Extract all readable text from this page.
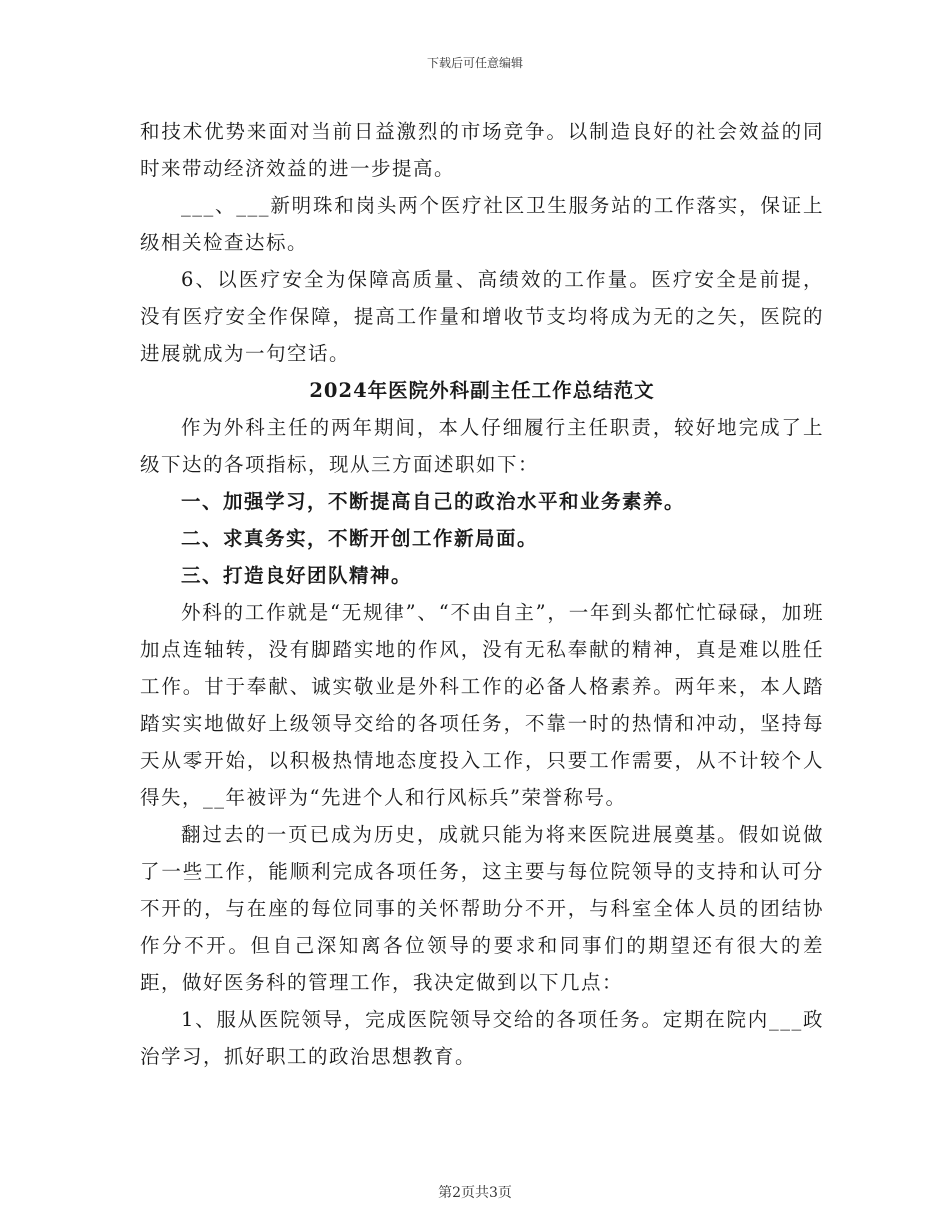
下载后可任意编辑

和技术优势来面对当前日益激烈的市场竞争。以制造良好的社会效益的同时来带动经济效益的进一步提高。

___、___新明珠和岗头两个医疗社区卫生服务站的工作落实，保证上级相关检查达标。

6、以医疗安全为保障高质量、高绩效的工作量。医疗安全是前提，没有医疗安全作保障，提高工作量和增收节支均将成为无的之矢，医院的进展就成为一句空话。

2024年医院外科副主任工作总结范文

作为外科主任的两年期间，本人仔细履行主任职责，较好地完成了上级下达的各项指标，现从三方面述职如下：

一、加强学习，不断提高自己的政治水平和业务素养。

二、求真务实，不断开创工作新局面。

三、打造良好团队精神。

外科的工作就是“无规律”、“不由自主”，一年到头都忙忙碌碌，加班加点连轴转，没有脚踏实地的作风，没有无私奉献的精神，真是难以胜任工作。甘于奉献、诚实敬业是外科工作的必备人格素养。两年来，本人踏踏实实地做好上级领导交给的各项任务，不靠一时的热情和冲动，坚持每天从零开始，以积极热情地态度投入工作，只要工作需要，从不计较个人得失，__年被评为“先进个人和行风标兵”荣誉称号。

翻过去的一页已成为历史，成就只能为将来医院进展奠基。假如说做了一些工作，能顺利完成各项任务，这主要与每位院领导的支持和认可分不开的，与在座的每位同事的关怀帮助分不开，与科室全体人员的团结协作分不开。但自己深知离各位领导的要求和同事们的期望还有很大的差距，做好医务科的管理工作，我决定做到以下几点：

1、服从医院领导，完成医院领导交给的各项任务。定期在院内___政治学习，抓好职工的政治思想教育。

第2页共3页
